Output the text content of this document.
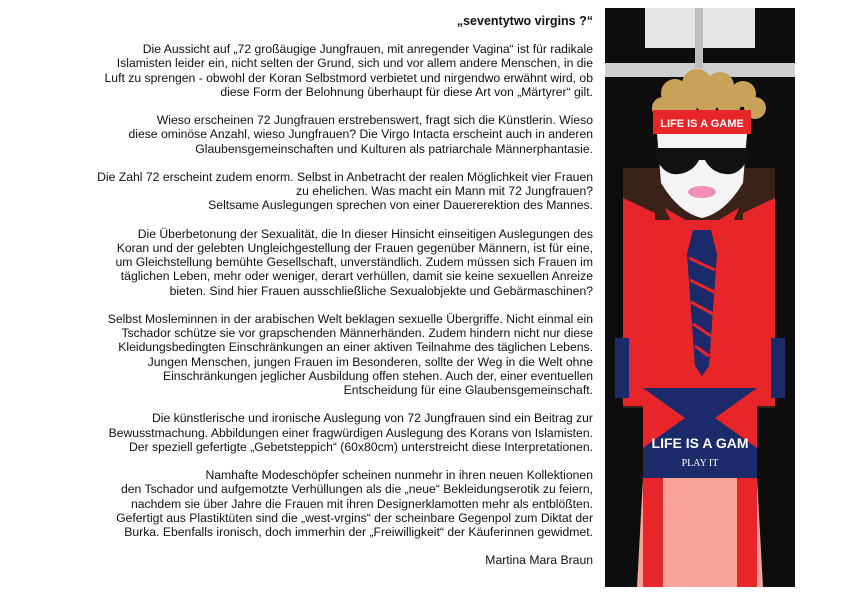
„seventytwo virgins ?“

Die Aussicht auf „72 großäugige Jungfrauen, mit anregender Vagina“ ist für radikale
Islamisten leider ein, nicht selten der Grund, sich und vor allem andere Menschen, in die
Luft zu sprengen - obwohl der Koran Selbstmord verbietet und nirgendwo erwähnt wird, ob
diese Form der Belohnung überhaupt für diese Art von „Märtyrer“ gilt.

Wieso erscheinen 72 Jungfrauen erstrebenswert, fragt sich die Künstlerin. Wieso
diese ominöse Anzahl, wieso Jungfrauen? Die Virgo Intacta erscheint auch in anderen
Glaubensgemeinschaften und Kulturen als patriarchale Männerphantasie.

Die Zahl 72 erscheint zudem enorm. Selbst in Anbetracht der realen Möglichkeit vier Frauen
zu ehelichen. Was macht ein Mann mit 72 Jungfrauen?
Seltsame Auslegungen sprechen von einer Dauererektion des Mannes.

Die Überbetonung der Sexualität, die In dieser Hinsicht einseitigen Auslegungen des
Koran und der gelebten Ungleichgestellung der Frauen gegenüber Männern, ist für eine,
um Gleichstellung bemühte Gesellschaft, unverständlich. Zudem müssen sich Frauen im
täglichen Leben, mehr oder weniger, derart verhüllen, damit sie keine sexuellen Anreize
bieten. Sind hier Frauen ausschließliche Sexualobjekte und Gebärmaschinen?

Selbst Mosleminnen in der arabischen Welt beklagen sexuelle Übergriffe. Nicht einmal ein
Tschador schütze sie vor grapschenden Männerhänden. Zudem hindern nicht nur diese
Kleidungsbedingten Einschränkungen an einer aktiven Teilnahme des täglichen Lebens.
Jungen Menschen, jungen Frauen im Besonderen, sollte der Weg in die Welt ohne
Einschränkungen jeglicher Ausbildung offen stehen. Auch der, einer eventuellen
Entscheidung für eine Glaubensgemeinschaft.

Die künstlerische und ironische Auslegung von 72 Jungfrauen sind ein Beitrag zur
Bewusstmachung. Abbildungen einer fragwürdigen Auslegung des Korans von Islamisten.
Der speziell gefertigte „Gebetsteppich“ (60x80cm) unterstreicht diese Interpretationen.

Namhafte Modeschöpfer scheinen nunmehr in ihren neuen Kollektionen
den Tschador und aufgemotzte Verhüllungen als die „neue“ Bekleidungserotik zu feiern,
nachdem sie über Jahre die Frauen mit ihren Designerklamotten mehr als entblößten.
Gefertigt aus Plastiktüten sind die „west-vrgins“ der scheinbare Gegenpol zum Diktat der
Burka. Ebenfalls ironisch, doch immerhin der „Freiwilligkeit“ der Käuferinnen gewidmet.

Martina Mara Braun
LIFE IS A GAME
LIFE IS A GAM
PLAY IT
